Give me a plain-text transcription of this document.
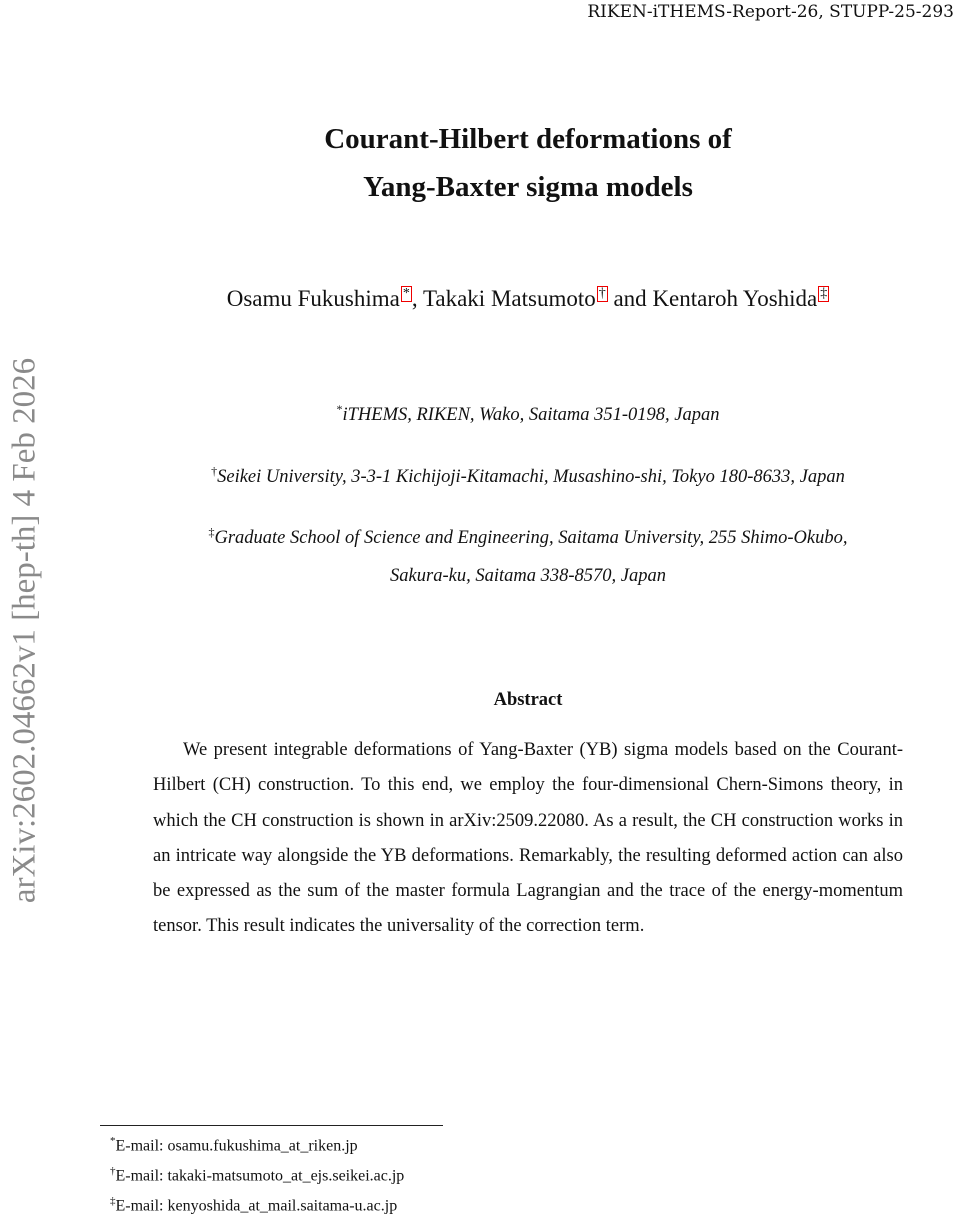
RIKEN-iTHEMS-Report-26, STUPP-25-293
arXiv:2602.04662v1 [hep-th] 4 Feb 2026
Courant-Hilbert deformations of
Yang-Baxter sigma models
Osamu Fukushima *, Takaki Matsumoto † and Kentaroh Yoshida ‡
*iTHEMS, RIKEN, Wako, Saitama 351-0198, Japan
†Seikei University, 3-3-1 Kichijoji-Kitamachi, Musashino-shi, Tokyo 180-8633, Japan
‡Graduate School of Science and Engineering, Saitama University, 255 Shimo-Okubo,
Sakura-ku, Saitama 338-8570, Japan
Abstract
We present integrable deformations of Yang-Baxter (YB) sigma models based on the Courant-Hilbert (CH) construction. To this end, we employ the four-dimensional Chern-Simons theory, in which the CH construction is shown in arXiv:2509.22080. As a result, the CH construction works in an intricate way alongside the YB deformations. Remarkably, the resulting deformed action can also be expressed as the sum of the master formula Lagrangian and the trace of the energy-momentum tensor. This result indicates the universality of the correction term.
*E-mail: osamu.fukushima_at_riken.jp
†E-mail: takaki-matsumoto_at_ejs.seikei.ac.jp
‡E-mail: kenyoshida_at_mail.saitama-u.ac.jp
